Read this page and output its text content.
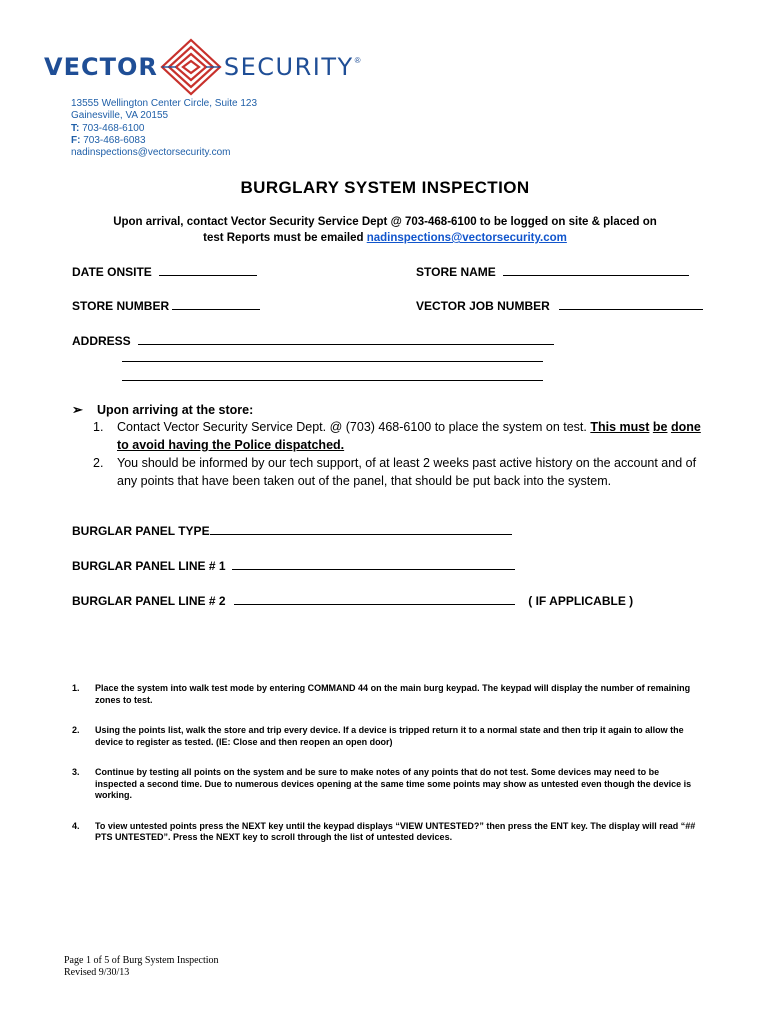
VECTOR	SECURITY ®
13555 Wellington Center Circle, Suite 123
Gainesville, VA 20155
T: 703-468-6100
F: 703-468-6083
nadinspections@vectorsecurity.com
BURGLARY SYSTEM INSPECTION
Upon arrival, contact Vector Security Service Dept @ 703-468-6100 to be logged on site & placed on
test Reports must be emailed nadinspections@vectorsecurity.com
DATE ONSITE	STORE NAME
STORE NUMBER	VECTOR JOB NUMBER
ADDRESS
➢ Upon arriving at the store:
1.	Contact Vector Security Service Dept. @ (703) 468-6100 to place the system on test. This must be done to avoid having the Police dispatched.
2.	You should be informed by our tech support, of at least 2 weeks past active history on the account and of any points that have been taken out of the panel, that should be put back into the system.
BURGLAR PANEL TYPE
BURGLAR PANEL LINE # 1
BURGLAR PANEL LINE # 2	( IF APPLICABLE )
1.	Place the system into walk test mode by entering COMMAND 44 on the main burg keypad. The keypad will display the number of remaining zones to test.
2.	Using the points list, walk the store and trip every device. If a device is tripped return it to a normal state and then trip it again to allow the device to register as tested. (IE: Close and then reopen an open door)
3.	Continue by testing all points on the system and be sure to make notes of any points that do not test. Some devices may need to be inspected a second time. Due to numerous devices opening at the same time some points may show as untested even though the device is working.
4.	To view untested points press the NEXT key until the keypad displays “VIEW UNTESTED?” then press the ENT key. The display will read “## PTS UNTESTED”. Press the NEXT key to scroll through the list of untested devices.
Page 1 of 5 of Burg System Inspection
Revised 9/30/13
